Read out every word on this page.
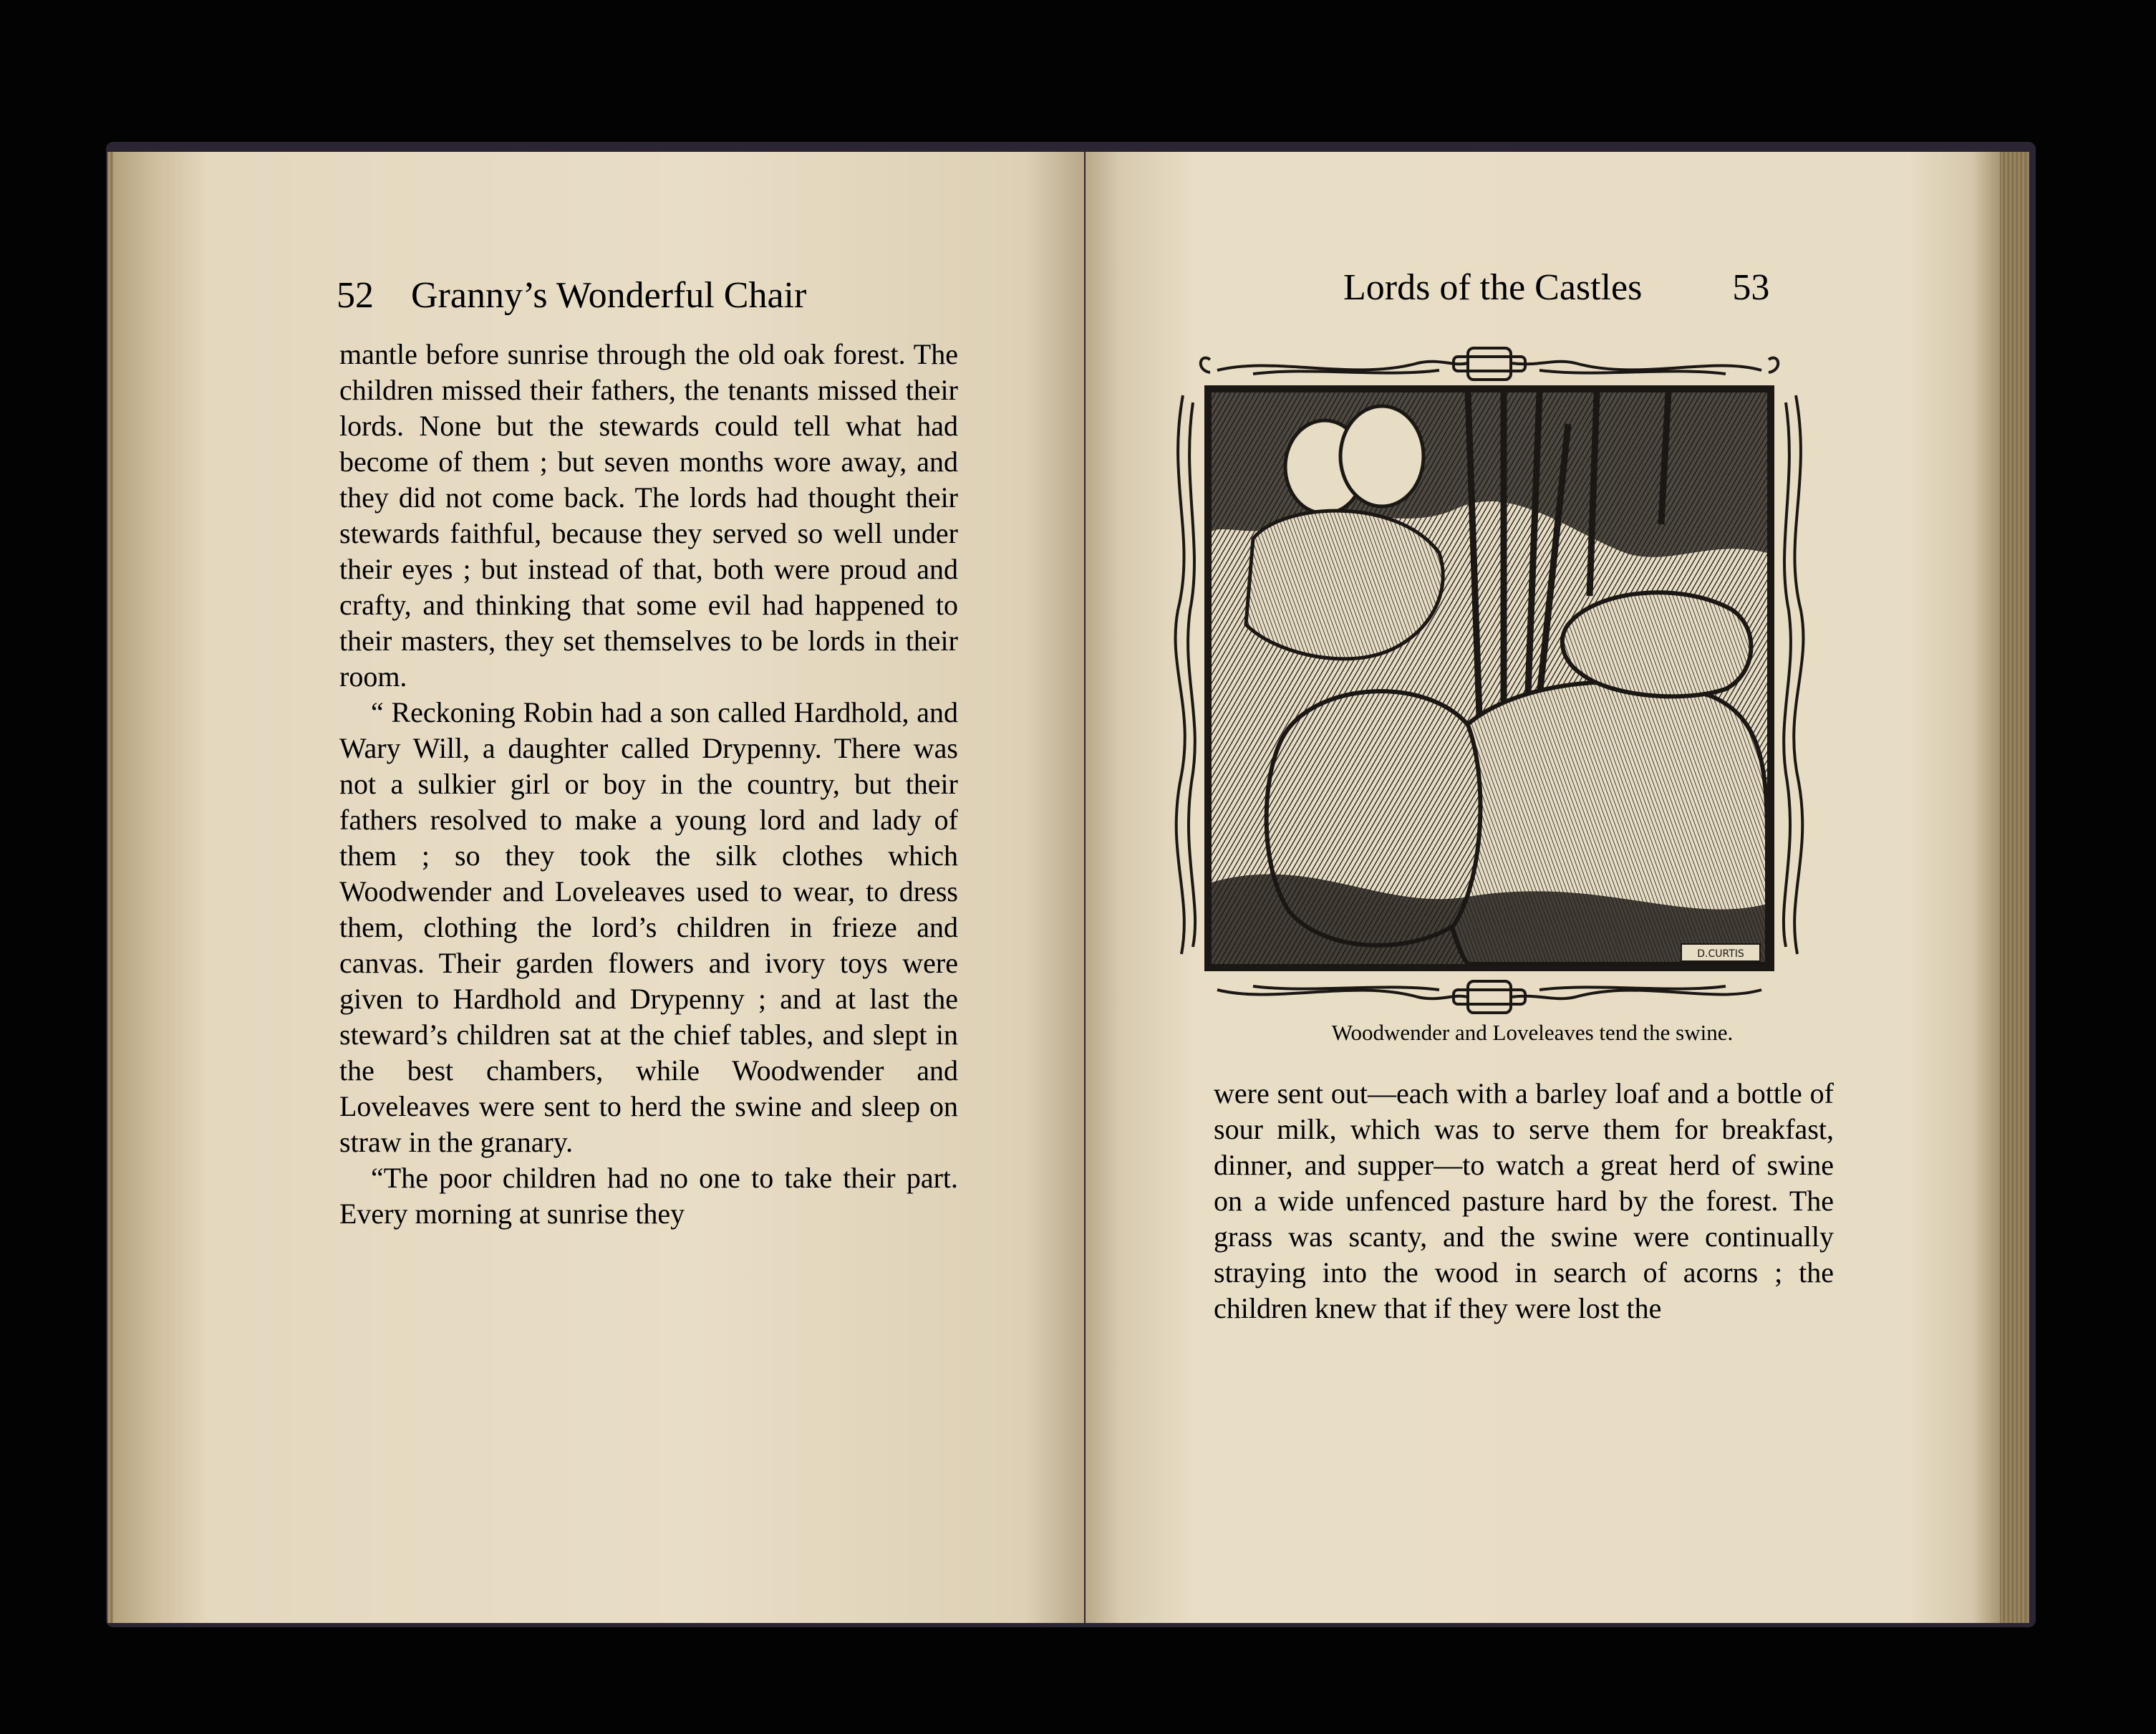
52 Granny’s Wonderful Chair

mantle before sunrise through the old oak forest. The children missed their fathers, the tenants missed their lords. None but the stewards could tell what had become of them ; but seven months wore away, and they did not come back. The lords had thought their stewards faithful, because they served so well under their eyes ; but instead of that, both were proud and crafty, and thinking that some evil had happened to their masters, they set themselves to be lords in their room.

“ Reckoning Robin had a son called Hardhold, and Wary Will, a daughter called Drypenny. There was not a sulkier girl or boy in the country, but their fathers resolved to make a young lord and lady of them ; so they took the silk clothes which Woodwender and Loveleaves used to wear, to dress them, clothing the lord’s children in frieze and canvas. Their garden flowers and ivory toys were given to Hardhold and Drypenny ; and at last the steward’s children sat at the chief tables, and slept in the best chambers, while Woodwender and Loveleaves were sent to herd the swine and sleep on straw in the granary.

“The poor children had no one to take their part. Every morning at sunrise they

Lords of the Castles 53
D.CURTIS
Woodwender and Loveleaves tend the swine.

were sent out—each with a barley loaf and a bottle of sour milk, which was to serve them for breakfast, dinner, and supper—to watch a great herd of swine on a wide unfenced pasture hard by the forest. The grass was scanty, and the swine were continually straying into the wood in search of acorns ; the children knew that if they were lost the
